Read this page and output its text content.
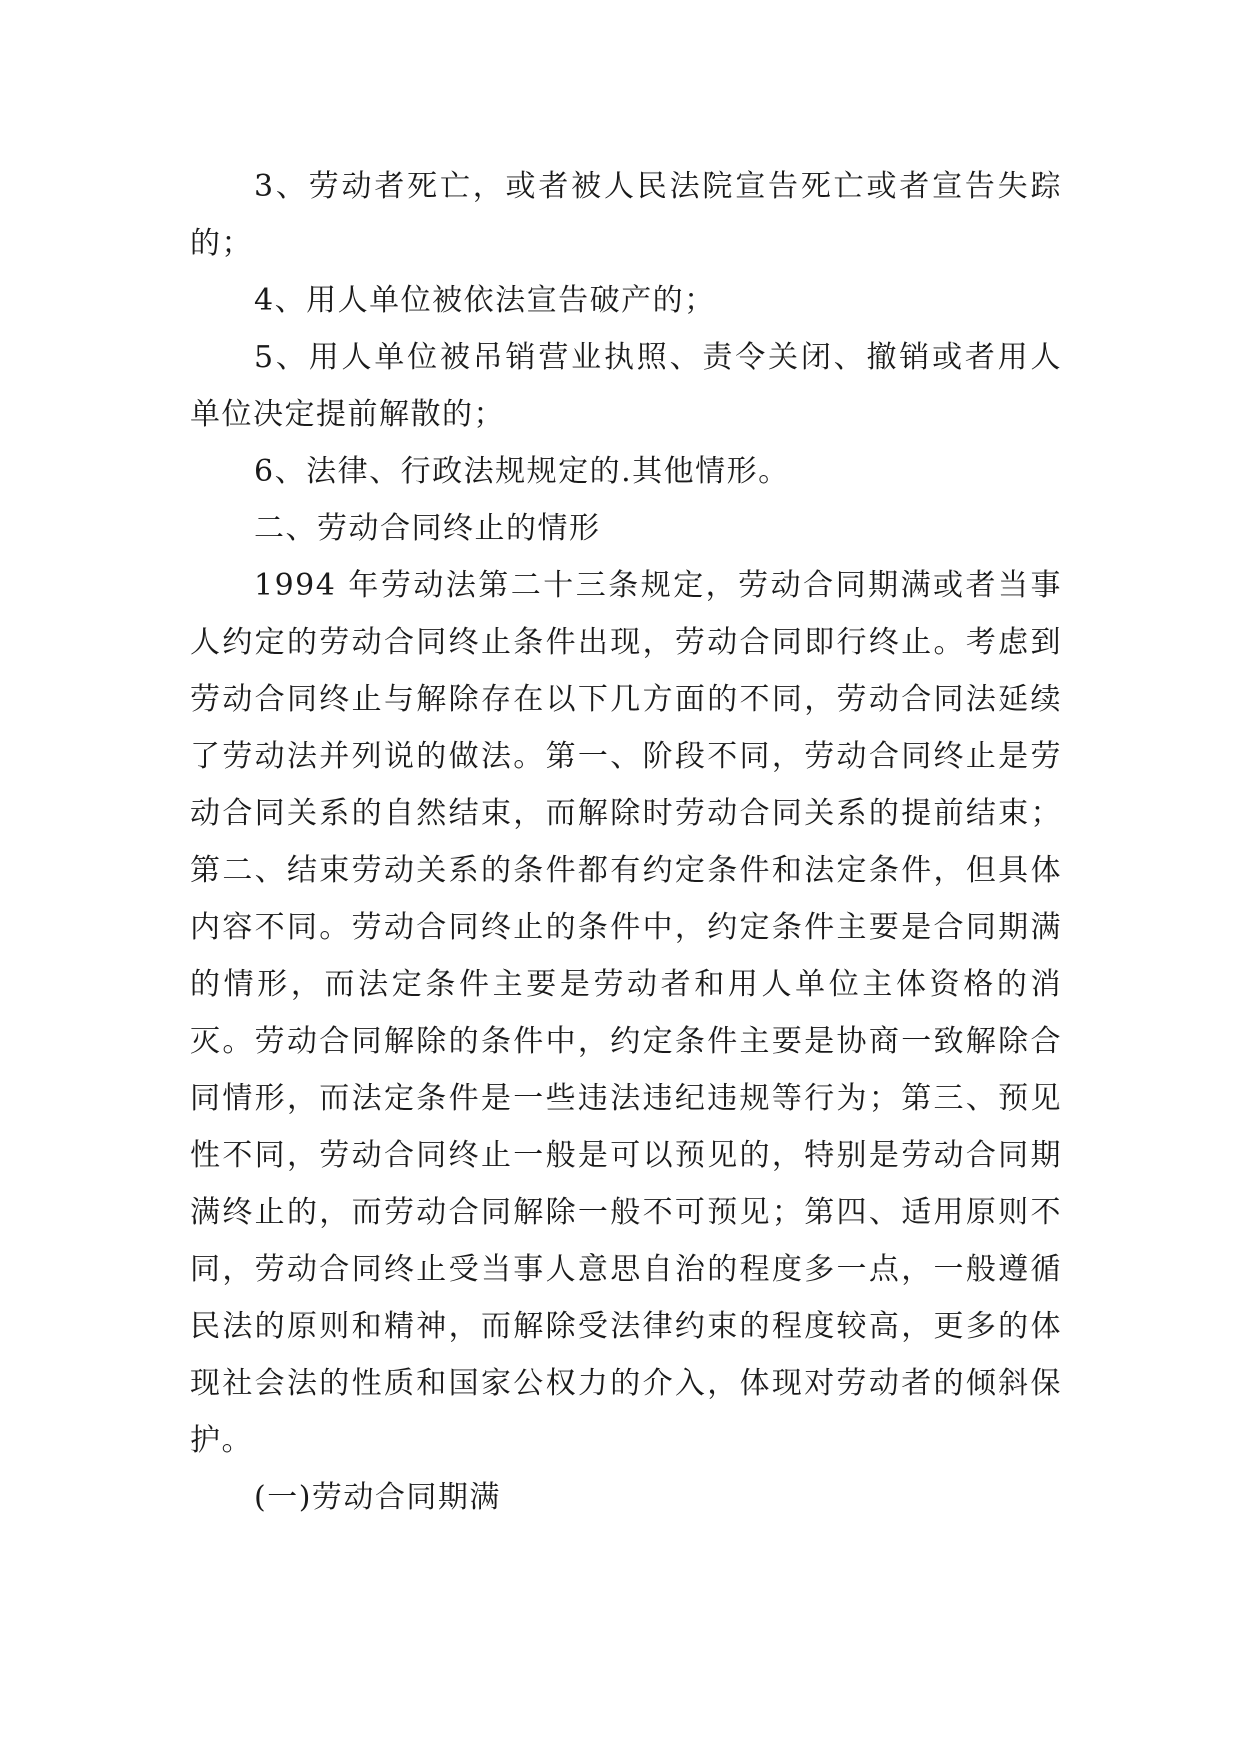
3、劳动者死亡，或者被人民法院宣告死亡或者宣告失踪的；

4、用人单位被依法宣告破产的；

5、用人单位被吊销营业执照、责令关闭、撤销或者用人单位决定提前解散的；

6、法律、行政法规规定的.其他情形。

二、劳动合同终止的情形

1994 年劳动法第二十三条规定，劳动合同期满或者当事人约定的劳动合同终止条件出现，劳动合同即行终止。考虑到劳动合同终止与解除存在以下几方面的不同，劳动合同法延续了劳动法并列说的做法。第一、阶段不同，劳动合同终止是劳动合同关系的自然结束，而解除时劳动合同关系的提前结束；第二、结束劳动关系的条件都有约定条件和法定条件，但具体内容不同。劳动合同终止的条件中，约定条件主要是合同期满的情形，而法定条件主要是劳动者和用人单位主体资格的消灭。劳动合同解除的条件中，约定条件主要是协商一致解除合同情形，而法定条件是一些违法违纪违规等行为；第三、预见性不同，劳动合同终止一般是可以预见的，特别是劳动合同期满终止的，而劳动合同解除一般不可预见；第四、适用原则不同，劳动合同终止受当事人意思自治的程度多一点，一般遵循民法的原则和精神，而解除受法律约束的程度较高，更多的体现社会法的性质和国家公权力的介入，体现对劳动者的倾斜保护。

(一)劳动合同期满
